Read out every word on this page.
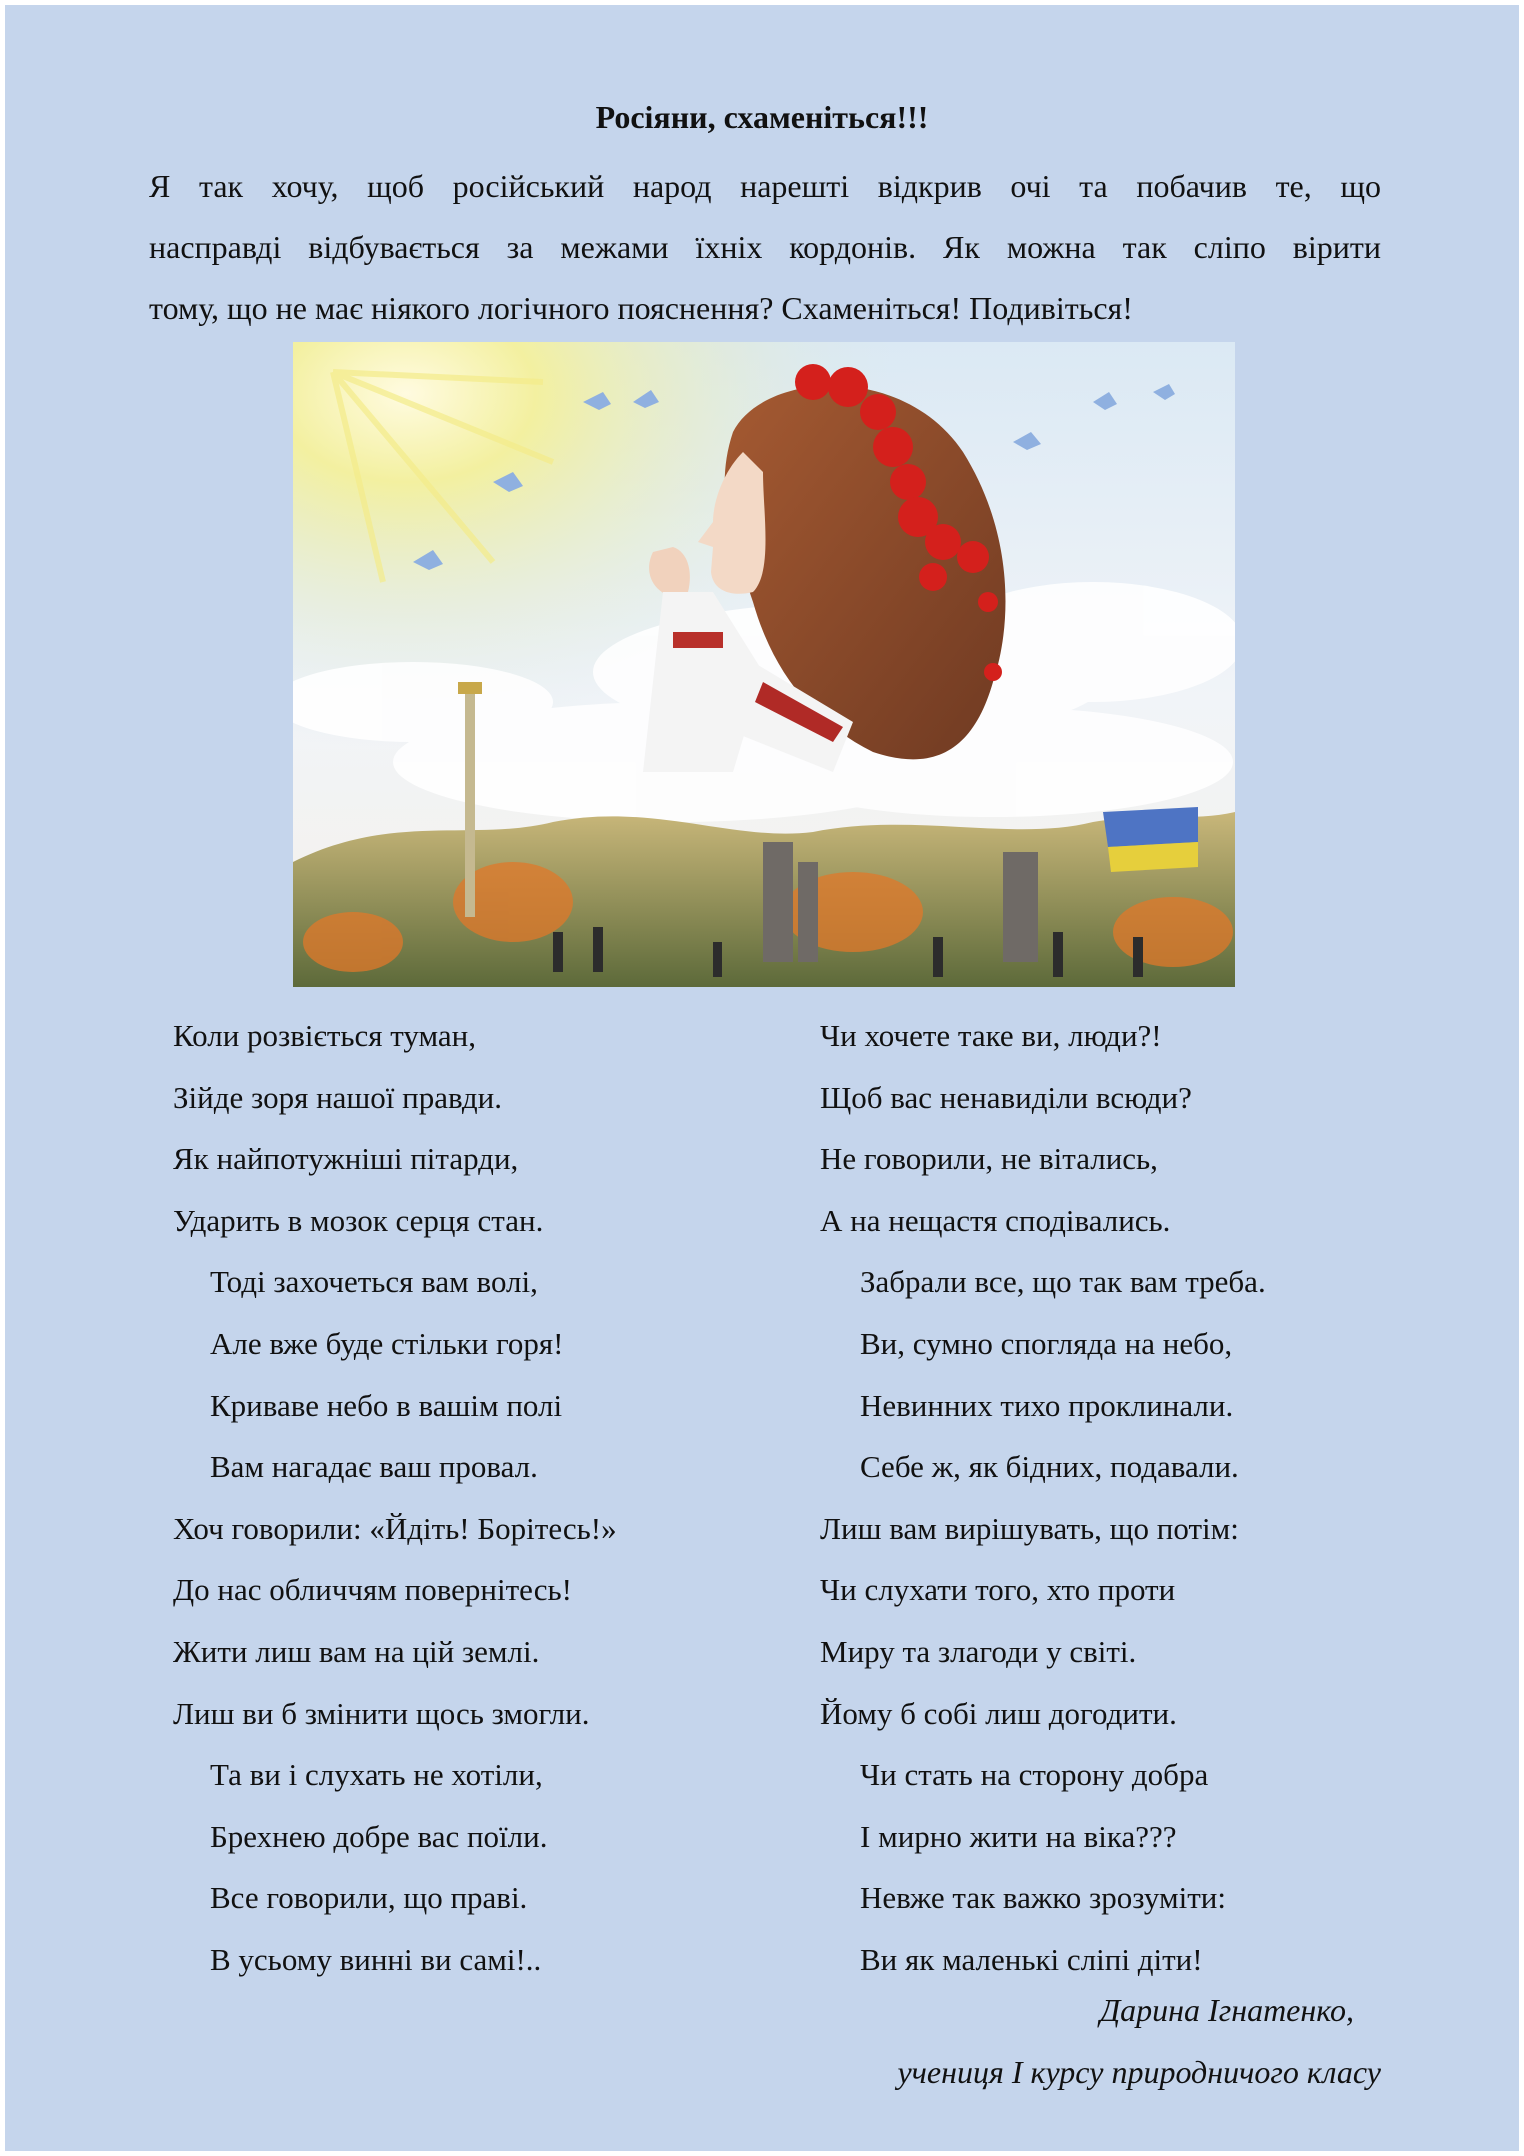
Росіяни, схаменіться!!!
Я так хочу, щоб російський народ нарешті відкрив очі та побачив те, що
насправді відбувається за межами їхніх кордонів. Як можна так сліпо вірити
тому, що не має ніякого логічного пояснення? Схаменіться! Подивіться!
Коли розвіється туман,
Зійде зоря нашої правди.
Як найпотужніші пітарди,
Ударить в мозок серця стан.
Тоді захочеться вам волі,
Але вже буде стільки горя!
Криваве небо в вашім полі
Вам нагадає ваш провал.
Хоч говорили: «Йдіть! Борітесь!»
До нас обличчям повернітесь!
Жити лиш вам на цій землі.
Лиш ви б змінити щось змогли.
Та ви і слухать не хотіли,
Брехнею добре вас поїли.
Все говорили, що праві.
В усьому винні ви самі!..
Чи хочете таке ви, люди?!
Щоб вас ненавиділи всюди?
Не говорили, не вітались,
А на нещастя сподівались.
Забрали все, що так вам треба.
Ви, сумно спогляда на небо,
Невинних тихо проклинали.
Себе ж, як бідних, подавали.
Лиш вам вирішувать, що потім:
Чи слухати того, хто проти
Миру та злагоди у світі.
Йому б собі лиш догодити.
Чи стать на сторону добра
І мирно жити на віка???
Невже так важко зрозуміти:
Ви як маленькі сліпі діти!
Дарина Ігнатенко,
учениця І курсу природничого класу
